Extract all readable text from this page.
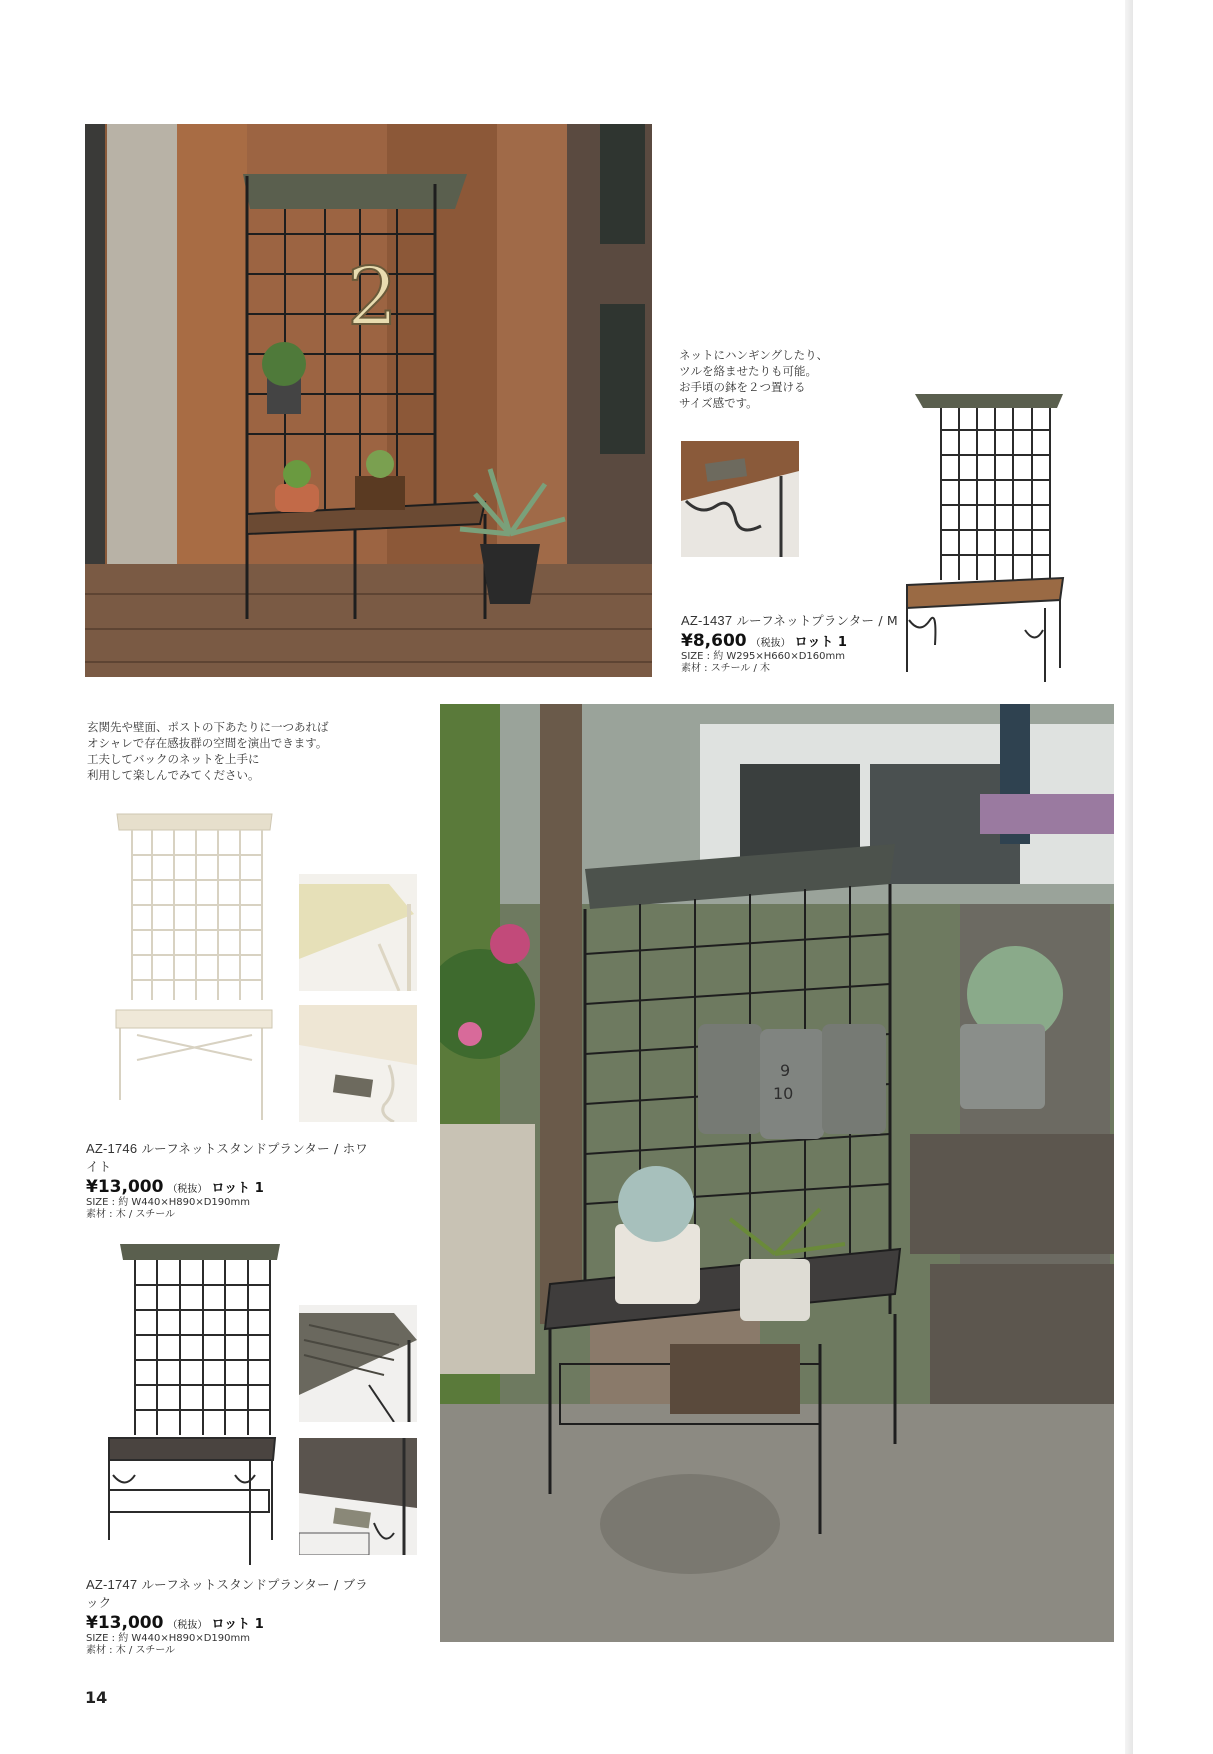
2
ネットにハンギングしたり、
ツルを絡ませたりも可能。
お手頃の鉢を２つ置ける
サイズ感です。
AZ-1437 ルーフネットプランター / M
¥8,600 （税抜） ロット 1
SIZE : 約 W295×H660×D160mm
素材 : スチール / 木
玄関先や壁面、ポストの下あたりに一つあれば
オシャレで存在感抜群の空間を演出できます。
工夫してバックのネットを上手に
利用して楽しんでみてください。
AZ-1746 ルーフネットスタンドプランター / ホワイト
¥13,000 （税抜） ロット 1
SIZE : 約 W440×H890×D190mm
素材 : 木 / スチール
AZ-1747 ルーフネットスタンドプランター / ブラック
¥13,000 （税抜） ロット 1
SIZE : 約 W440×H890×D190mm
素材 : 木 / スチール
9
10
14
